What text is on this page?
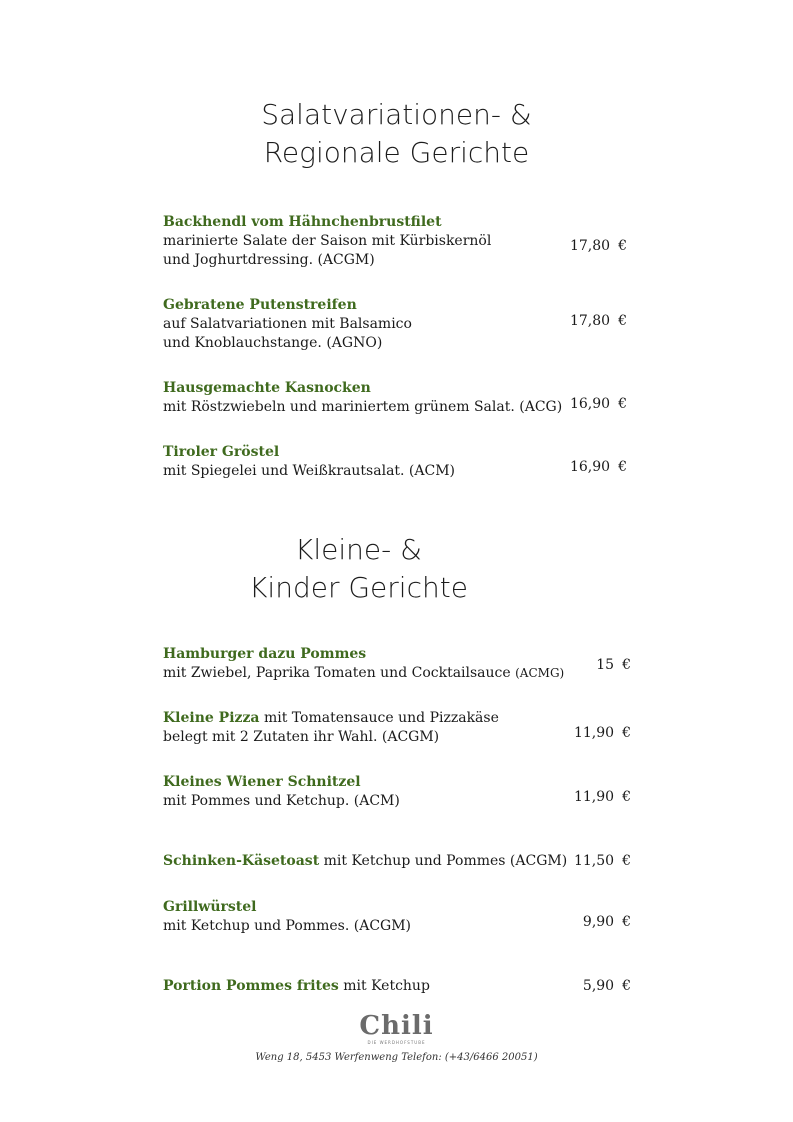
Salatvariationen- &
Regionale Gerichte
Backhendl vom Hähnchenbrustfilet
marinierte Salate der Saison mit Kürbiskernöl
und Joghurtdressing. (ACGM)
17,80 €
Gebratene Putenstreifen
auf Salatvariationen mit Balsamico
und Knoblauchstange. (AGNO)
17,80 €
Hausgemachte Kasnocken
mit Röstzwiebeln und mariniertem grünem Salat. (ACG) 16,90 €
Tiroler Gröstel
mit Spiegelei und Weißkrautsalat. (ACM)	16,90 €
Kleine- &
Kinder Gerichte
Hamburger dazu Pommes
mit Zwiebel, Paprika Tomaten und Cocktailsauce (ACMG)	15 €
Kleine Pizza mit Tomatensauce und Pizzakäse
belegt mit 2 Zutaten ihr Wahl. (ACGM)	11,90 €
Kleines Wiener Schnitzel
mit Pommes und Ketchup. (ACM)	11,90 €
Schinken-Käsetoast mit Ketchup und Pommes (ACGM) 11,50 €
Grillwürstel
mit Ketchup und Pommes. (ACGM)	9,90 €
Portion Pommes frites mit Ketchup	5,90 €
Chili
DIE WERDHOFSTUBE
Weng 18, 5453 Werfenweng Telefon: (+43/6466 20051)
